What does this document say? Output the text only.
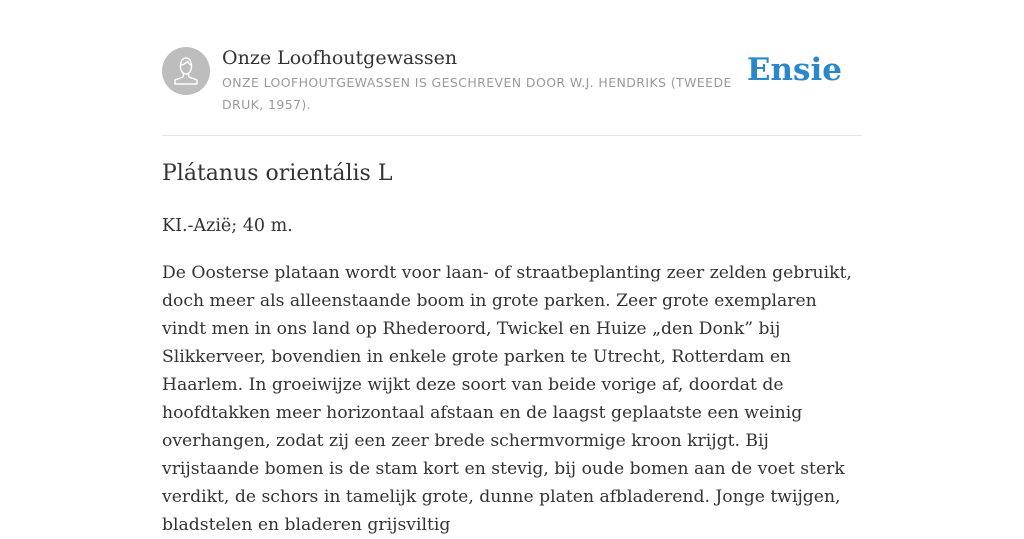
Onze Loofhoutgewassen
ONZE LOOFHOUTGEWASSEN IS GESCHREVEN DOOR W.J. HENDRIKS (TWEEDE DRUK, 1957).
Ensie
Plátanus orientális L

KI.-Azië; 40 m.

De Oosterse plataan wordt voor laan- of straatbeplanting zeer zelden gebruikt, doch meer als alleenstaande boom in grote parken. Zeer grote exemplaren vindt men in ons land op Rhederoord, Twickel en Huize „den Donk” bij Slikkerveer, bovendien in enkele grote parken te Utrecht, Rotterdam en Haarlem. In groeiwijze wijkt deze soort van beide vorige af, doordat de hoofdtakken meer horizontaal afstaan en de laagst geplaatste een weinig overhangen, zodat zij een zeer brede schermvormige kroon krijgt. Bij vrijstaande bomen is de stam kort en stevig, bij oude bomen aan de voet sterk verdikt, de schors in tamelijk grote, dunne platen afbladerend. Jonge twijgen, bladstelen en bladeren grijsviltig
